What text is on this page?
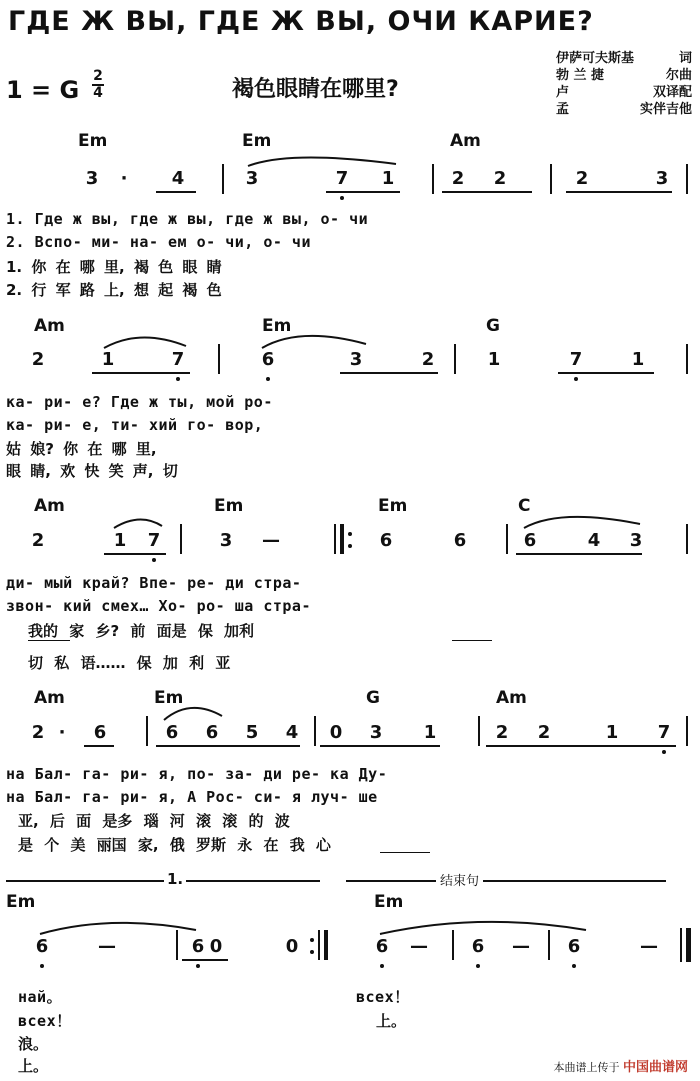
ГДЕ Ж ВЫ, ГДЕ Ж ВЫ, ОЧИ КАРИЕ?
1 = G 2
4	褐色眼睛在哪里?
伊萨可夫斯基	词
勃 兰 捷	尔曲
卢	双译配
孟	实伴吉他
Em	Em	Am
3 · 4	3	7 1	2 2	2	3
1. Где ж вы, где ж вы, где ж вы, о- чи
2. Вспо- ми- на- ем о- чи, о- чи
1. 你 在 哪 里, 褐 色 眼 睛
2. 行 军 路 上, 想 起 褐 色
Am	Em	G
2	1	7	6	3	2	1	7	1
ка- ри- е? Где ж ты, мой ро-
ка- ри- е, ти- хий го- вор,
姑 娘? 你 在 哪 里,
眼 睛, 欢 快 笑 声, 切
Am	Em	Em	C
2	1 7	3 —	6	6	6	4 3
ди- мый край? Впе- ре- ди стра-
звон- кий смех… Хо- ро- ша стра-
我的 家 乡? 前 面是 保 加利
切 私 语…… 保 加 利 亚
Am	Em	G	Am
2 · 6	6 6 5 4 0 3 1	2 2	1 7
на Бал- га- ри- я, по- за- ди ре- ка Ду-
на Бал- га- ри- я, А Рос- си- я луч- ше
亚, 后 面 是多 瑙 河 滚 滚 的 波
是 个 美 丽国 家, 俄 罗斯 永 在 我 心
1.	结束句
Em	Em
6	—	6 0	0	6 — 6 — 6	—
най。
всех！
浪。
上。
всех！
上。
本曲谱上传于 中国曲谱网
